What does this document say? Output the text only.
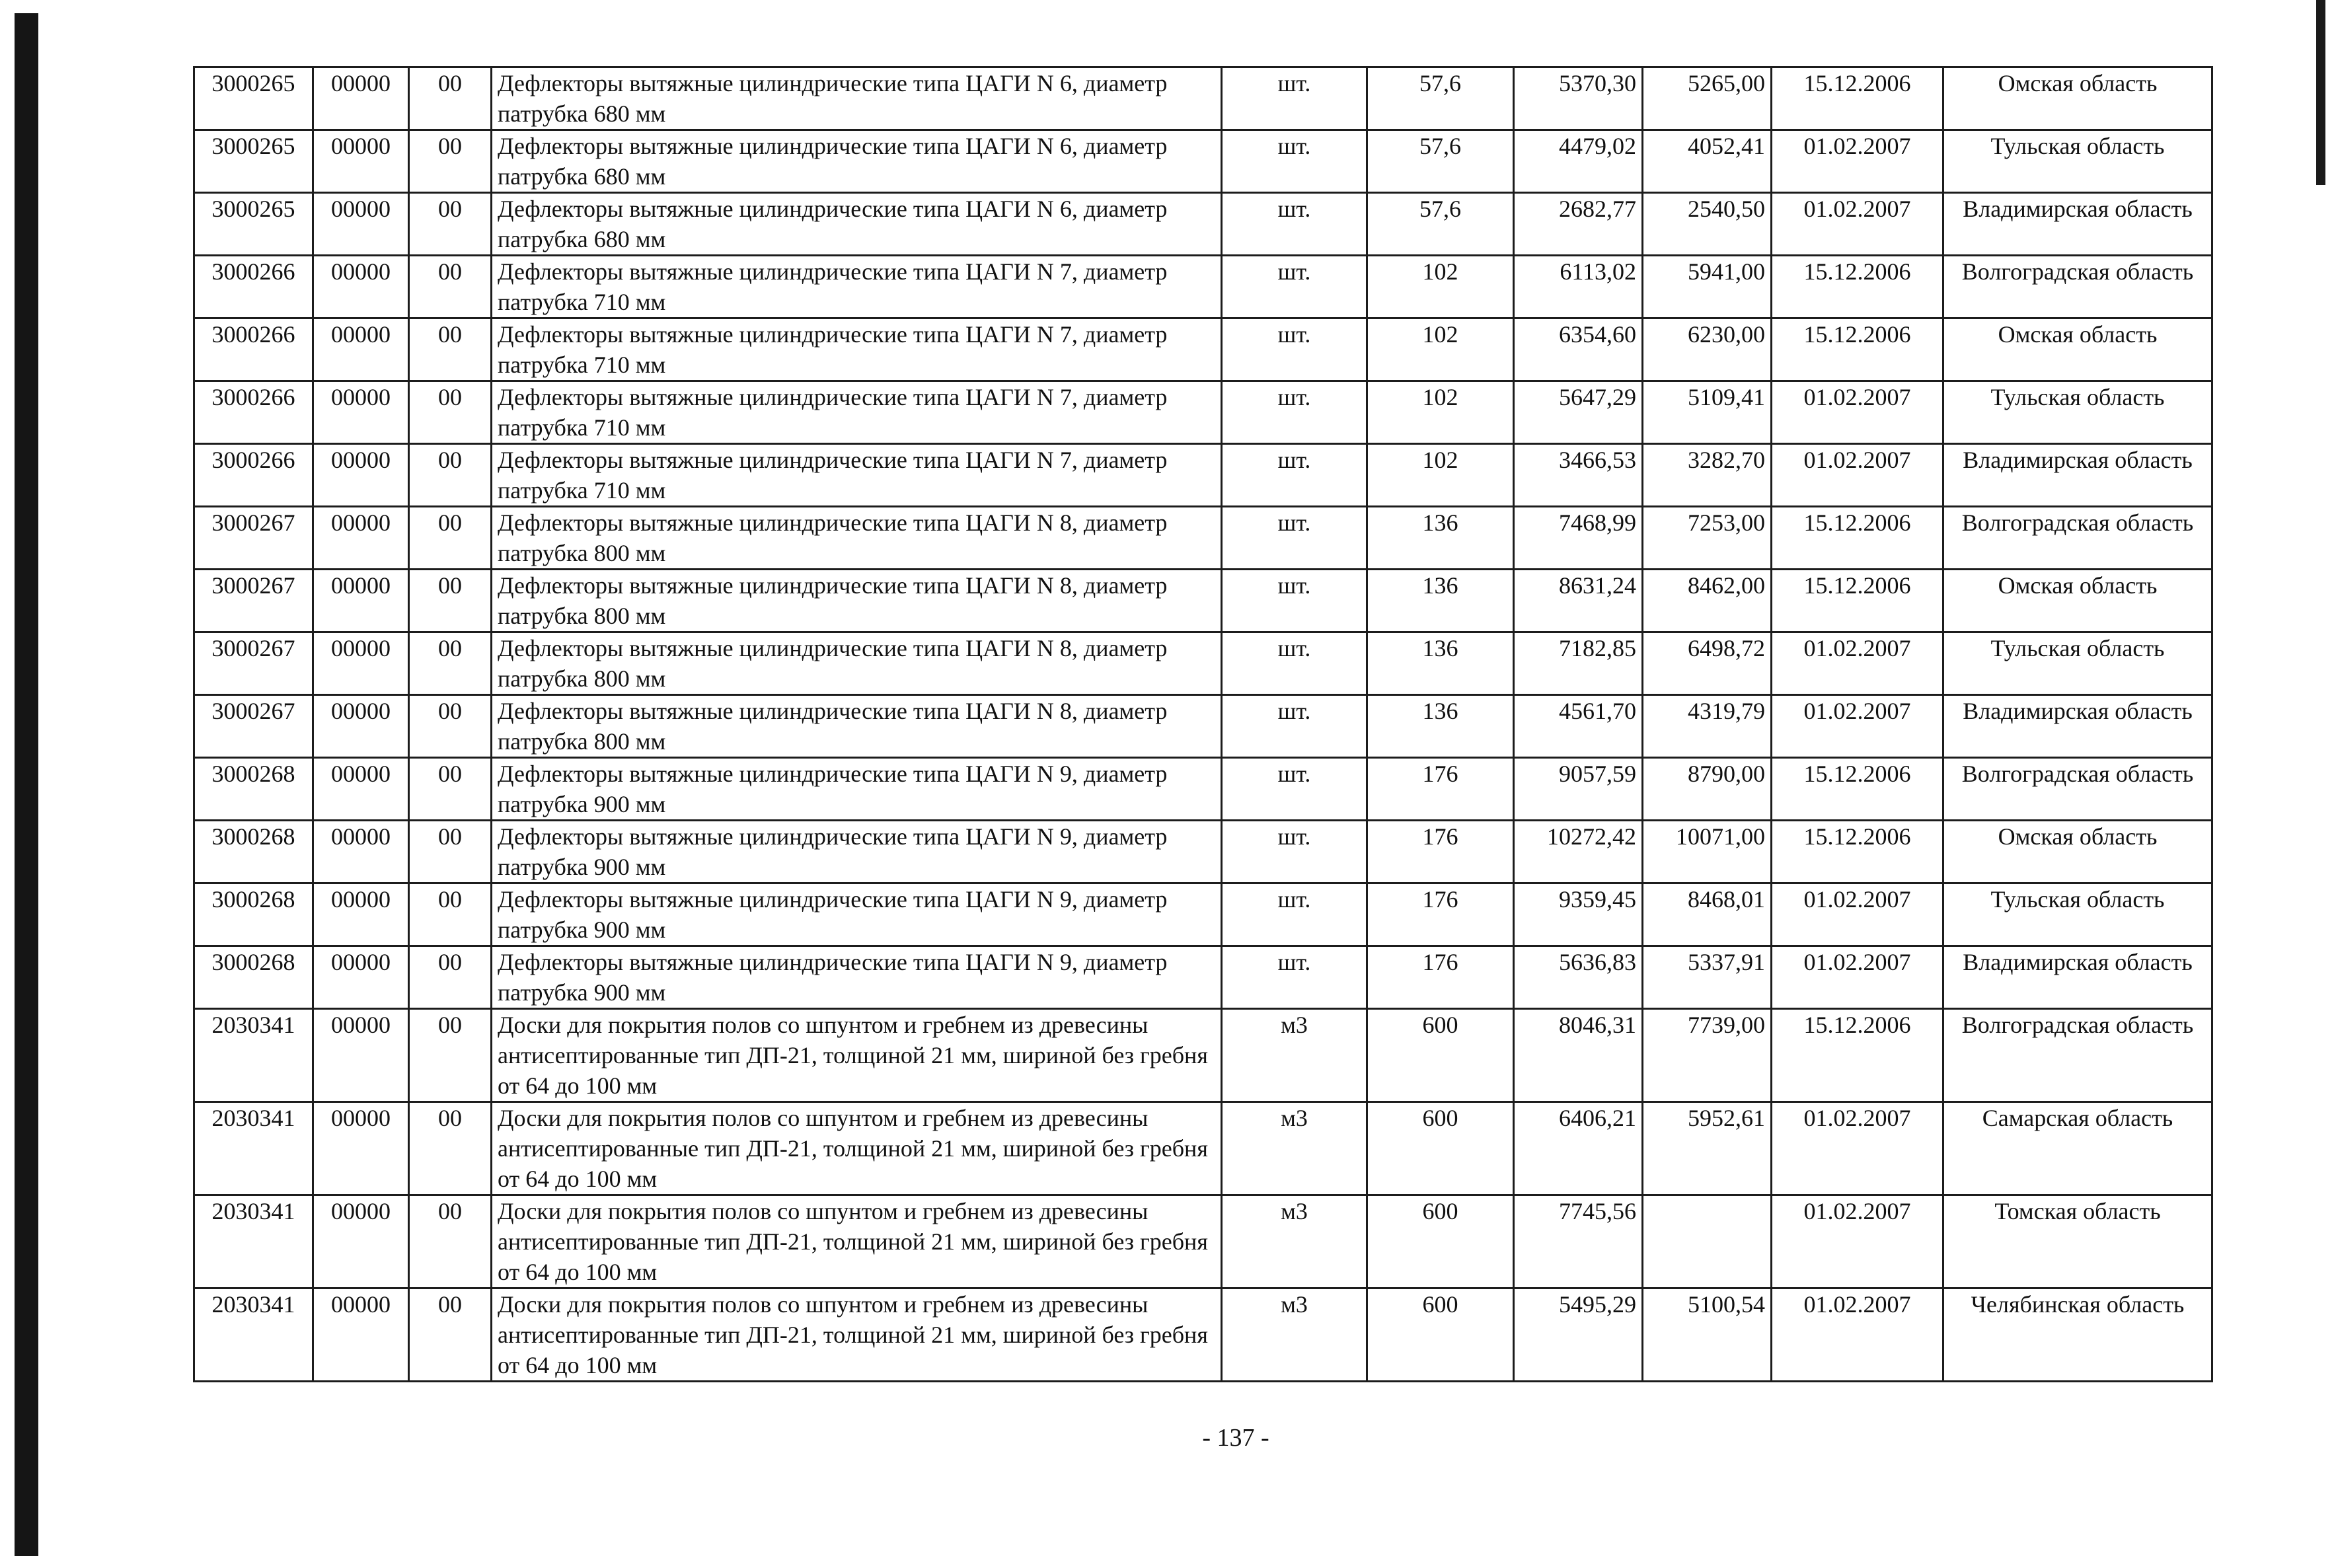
3000265	00000	00	Дефлекторы вытяжные цилиндрические типа ЦАГИ N 6, диаметр патрубка 680 мм	шт.	57,6	5370,30	5265,00	15.12.2006	Омская область
3000265	00000	00	Дефлекторы вытяжные цилиндрические типа ЦАГИ N 6, диаметр патрубка 680 мм	шт.	57,6	4479,02	4052,41	01.02.2007	Тульская область
3000265	00000	00	Дефлекторы вытяжные цилиндрические типа ЦАГИ N 6, диаметр патрубка 680 мм	шт.	57,6	2682,77	2540,50	01.02.2007	Владимирская область
3000266	00000	00	Дефлекторы вытяжные цилиндрические типа ЦАГИ N 7, диаметр патрубка 710 мм	шт.	102	6113,02	5941,00	15.12.2006	Волгоградская область
3000266	00000	00	Дефлекторы вытяжные цилиндрические типа ЦАГИ N 7, диаметр патрубка 710 мм	шт.	102	6354,60	6230,00	15.12.2006	Омская область
3000266	00000	00	Дефлекторы вытяжные цилиндрические типа ЦАГИ N 7, диаметр патрубка 710 мм	шт.	102	5647,29	5109,41	01.02.2007	Тульская область
3000266	00000	00	Дефлекторы вытяжные цилиндрические типа ЦАГИ N 7, диаметр патрубка 710 мм	шт.	102	3466,53	3282,70	01.02.2007	Владимирская область
3000267	00000	00	Дефлекторы вытяжные цилиндрические типа ЦАГИ N 8, диаметр патрубка 800 мм	шт.	136	7468,99	7253,00	15.12.2006	Волгоградская область
3000267	00000	00	Дефлекторы вытяжные цилиндрические типа ЦАГИ N 8, диаметр патрубка 800 мм	шт.	136	8631,24	8462,00	15.12.2006	Омская область
3000267	00000	00	Дефлекторы вытяжные цилиндрические типа ЦАГИ N 8, диаметр патрубка 800 мм	шт.	136	7182,85	6498,72	01.02.2007	Тульская область
3000267	00000	00	Дефлекторы вытяжные цилиндрические типа ЦАГИ N 8, диаметр патрубка 800 мм	шт.	136	4561,70	4319,79	01.02.2007	Владимирская область
3000268	00000	00	Дефлекторы вытяжные цилиндрические типа ЦАГИ N 9, диаметр патрубка 900 мм	шт.	176	9057,59	8790,00	15.12.2006	Волгоградская область
3000268	00000	00	Дефлекторы вытяжные цилиндрические типа ЦАГИ N 9, диаметр патрубка 900 мм	шт.	176	10272,42	10071,00	15.12.2006	Омская область
3000268	00000	00	Дефлекторы вытяжные цилиндрические типа ЦАГИ N 9, диаметр патрубка 900 мм	шт.	176	9359,45	8468,01	01.02.2007	Тульская область
3000268	00000	00	Дефлекторы вытяжные цилиндрические типа ЦАГИ N 9, диаметр патрубка 900 мм	шт.	176	5636,83	5337,91	01.02.2007	Владимирская область
2030341	00000	00	Доски для покрытия полов со шпунтом и гребнем из древесины антисептированные тип ДП-21, толщиной 21 мм, шириной без гребня от 64 до 100 мм	м3	600	8046,31	7739,00	15.12.2006	Волгоградская область
2030341	00000	00	Доски для покрытия полов со шпунтом и гребнем из древесины антисептированные тип ДП-21, толщиной 21 мм, шириной без гребня от 64 до 100 мм	м3	600	6406,21	5952,61	01.02.2007	Самарская область
2030341	00000	00	Доски для покрытия полов со шпунтом и гребнем из древесины антисептированные тип ДП-21, толщиной 21 мм, шириной без гребня от 64 до 100 мм	м3	600	7745,56		01.02.2007	Томская область
2030341	00000	00	Доски для покрытия полов со шпунтом и гребнем из древесины антисептированные тип ДП-21, толщиной 21 мм, шириной без гребня от 64 до 100 мм	м3	600	5495,29	5100,54	01.02.2007	Челябинская область
- 137 -
